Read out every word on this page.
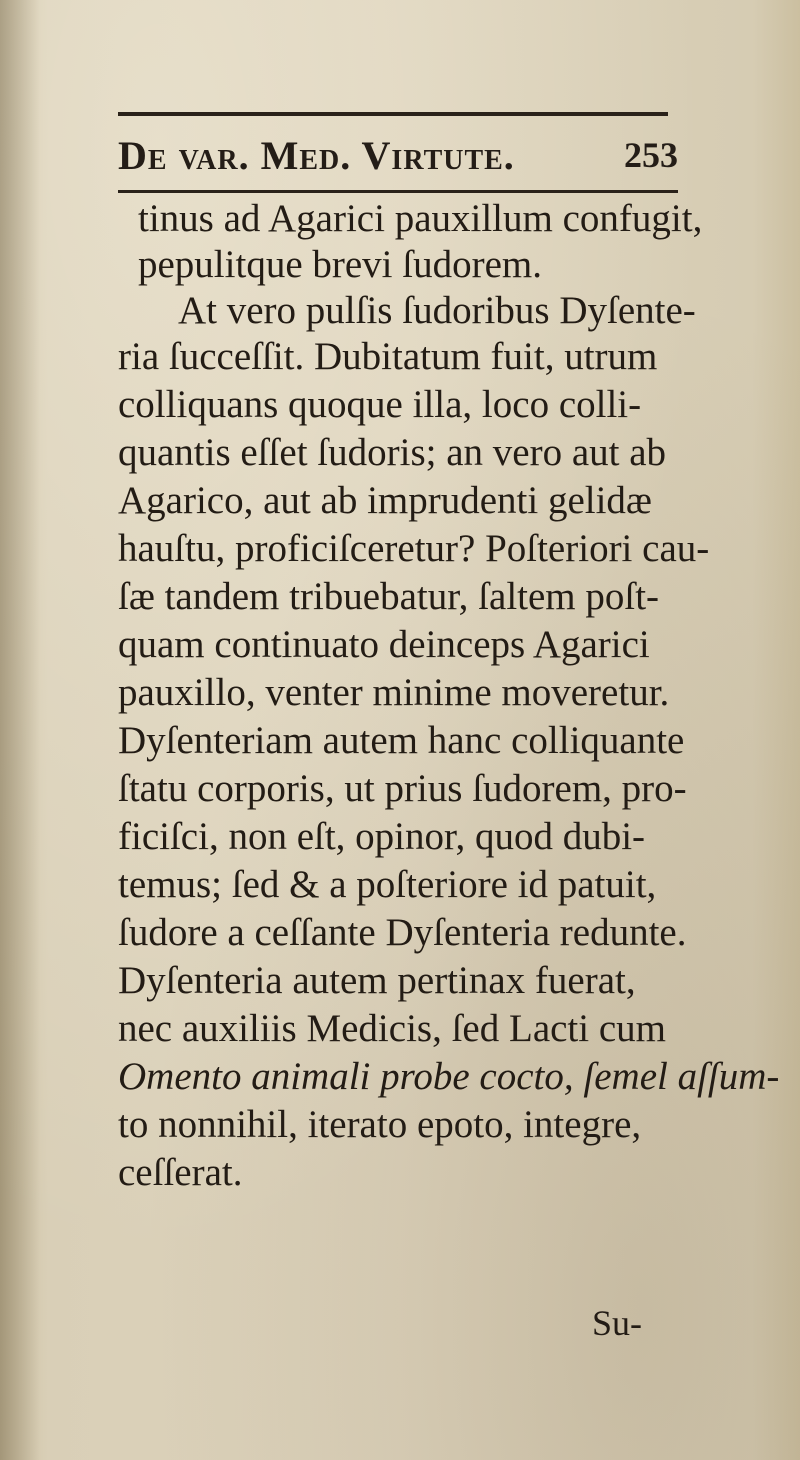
De var. Med. Virtute.	253
tinus ad Agarici pauxillum confugit,
pepulitque brevi ſudorem.
At vero pulſis ſudoribus Dyſente-
ria ſucceſſit. Dubitatum fuit, utrum
colliquans quoque illa, loco colli-
quantis eſſet ſudoris; an vero aut ab
Agarico, aut ab imprudenti gelidæ
hauſtu, proficiſceretur? Poſteriori cau-
ſæ tandem tribuebatur, ſaltem poſt-
quam continuato deinceps Agarici
pauxillo, venter minime moveretur.
Dyſenteriam autem hanc colliquante
ſtatu corporis, ut prius ſudorem, pro-
ficiſci, non eſt, opinor, quod dubi-
temus; ſed & a poſteriore id patuit,
ſudore a ceſſante Dyſenteria redunte.
Dyſenteria autem pertinax fuerat,
nec auxiliis Medicis, ſed Lacti cum
Omento animali probe cocto, ſemel aſſum-
to nonnihil, iterato epoto, integre,
ceſſerat.
Su-
